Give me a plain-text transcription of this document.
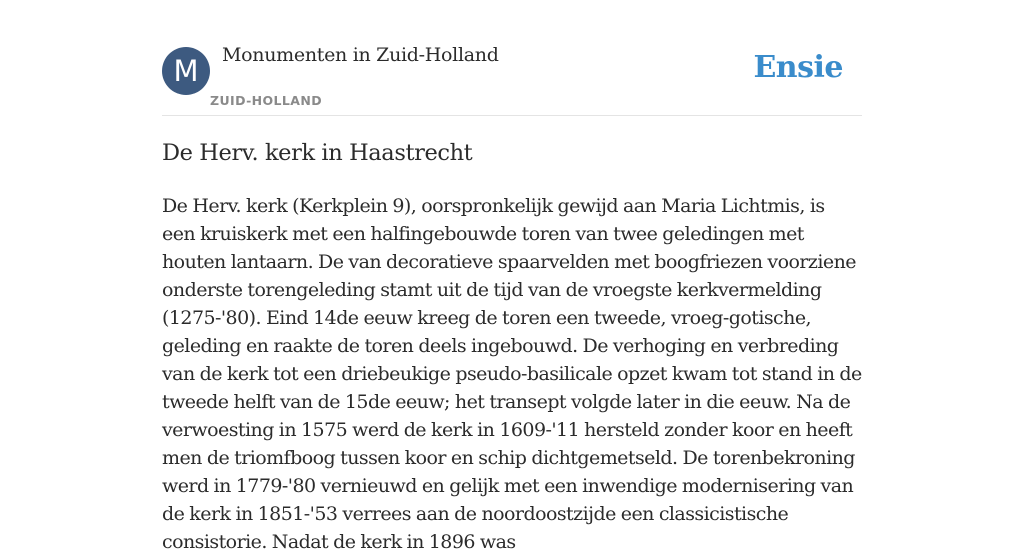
M	Monumenten in Zuid-Holland
ZUID-HOLLAND
Ensie
De Herv. kerk in Haastrecht

De Herv. kerk (Kerkplein 9), oorspronkelijk gewijd aan Maria Lichtmis, is een kruiskerk met een halfingebouwde toren van twee geledingen met houten lantaarn. De van decoratieve spaarvelden met boogfriezen voorziene onderste torengeleding stamt uit de tijd van de vroegste kerkvermelding (1275-'80). Eind 14de eeuw kreeg de toren een tweede, vroeg-gotische, geleding en raakte de toren deels ingebouwd. De verhoging en verbreding van de kerk tot een driebeukige pseudo-basilicale opzet kwam tot stand in de tweede helft van de 15de eeuw; het transept volgde later in die eeuw. Na de verwoesting in 1575 werd de kerk in 1609-'11 hersteld zonder koor en heeft men de triomfboog tussen koor en schip dichtgemetseld. De torenbekroning werd in 1779-'80 vernieuwd en gelijk met een inwendige modernisering van de kerk in 1851-'53 verrees aan de noordoostzijde een classicistische consistorie. Nadat de kerk in 1896 was
